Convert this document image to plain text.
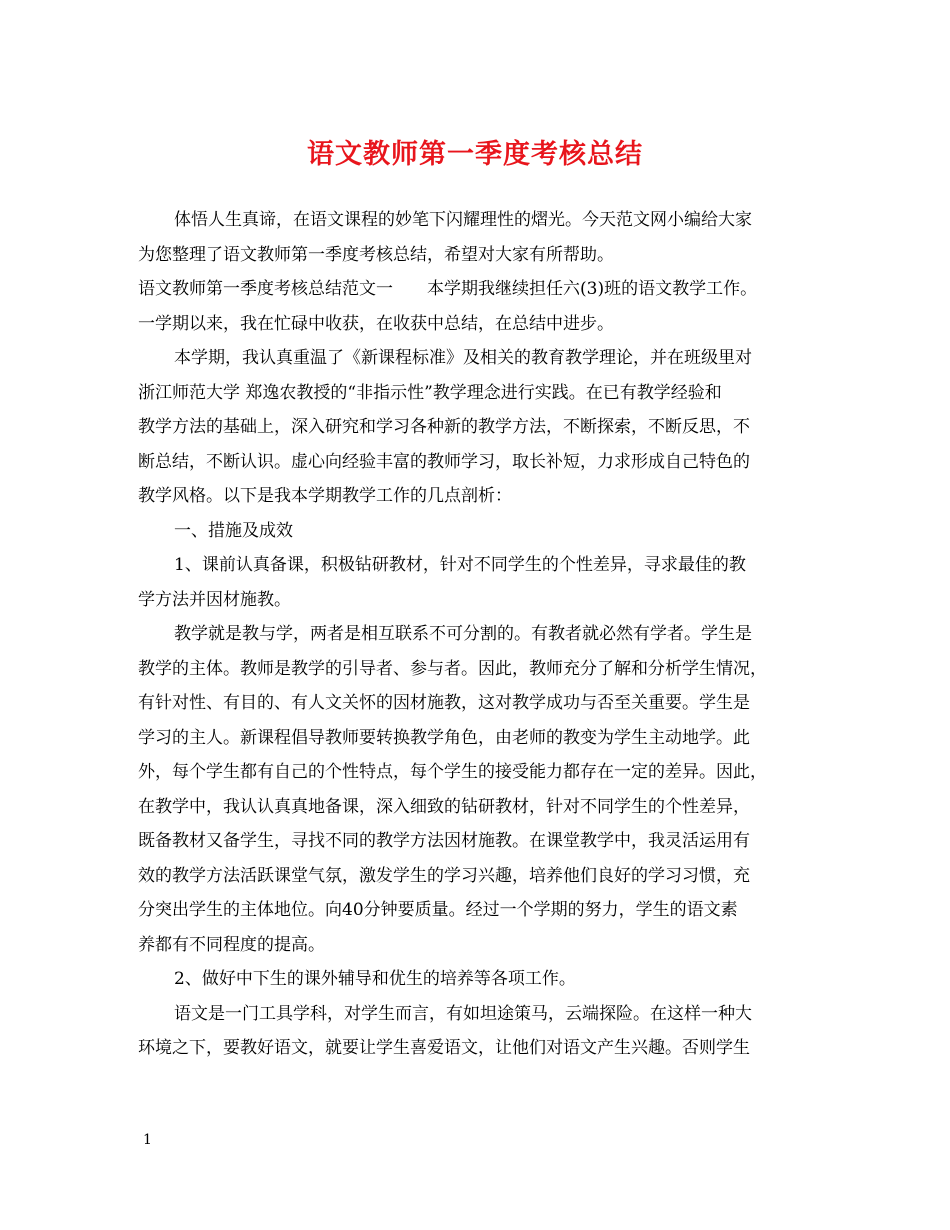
语文教师第一季度考核总结
体悟人生真谛，在语文课程的妙笔下闪耀理性的熠光。今天范文网小编给大家
为您整理了语文教师第一季度考核总结，希望对大家有所帮助。
语文教师第一季度考核总结范文一　　本学期我继续担任六(3)班的语文教学工作。
一学期以来，我在忙碌中收获，在收获中总结，在总结中进步。
本学期，我认真重温了《新课程标准》及相关的教育教学理论，并在班级里对
浙江师范大学 郑逸农教授的“非指示性”教学理念进行实践。在已有教学经验和
教学方法的基础上，深入研究和学习各种新的教学方法，不断探索，不断反思，不
断总结，不断认识。虚心向经验丰富的教师学习，取长补短，力求形成自己特色的
教学风格。以下是我本学期教学工作的几点剖析：
一、措施及成效
1、课前认真备课，积极钻研教材，针对不同学生的个性差异，寻求最佳的教
学方法并因材施教。
教学就是教与学，两者是相互联系不可分割的。有教者就必然有学者。学生是
教学的主体。教师是教学的引导者、参与者。因此，教师充分了解和分析学生情况，
有针对性、有目的、有人文关怀的因材施教，这对教学成功与否至关重要。学生是
学习的主人。新课程倡导教师要转换教学角色，由老师的教变为学生主动地学。此
外，每个学生都有自己的个性特点，每个学生的接受能力都存在一定的差异。因此，
在教学中，我认认真真地备课，深入细致的钻研教材，针对不同学生的个性差异，
既备教材又备学生，寻找不同的教学方法因材施教。在课堂教学中，我灵活运用有
效的教学方法活跃课堂气氛，激发学生的学习兴趣，培养他们良好的学习习惯，充
分突出学生的主体地位。向40分钟要质量。经过一个学期的努力，学生的语文素
养都有不同程度的提高。
2、做好中下生的课外辅导和优生的培养等各项工作。
语文是一门工具学科，对学生而言，有如坦途策马，云端探险。在这样一种大
环境之下，要教好语文，就要让学生喜爱语文，让他们对语文产生兴趣。否则学生
1
